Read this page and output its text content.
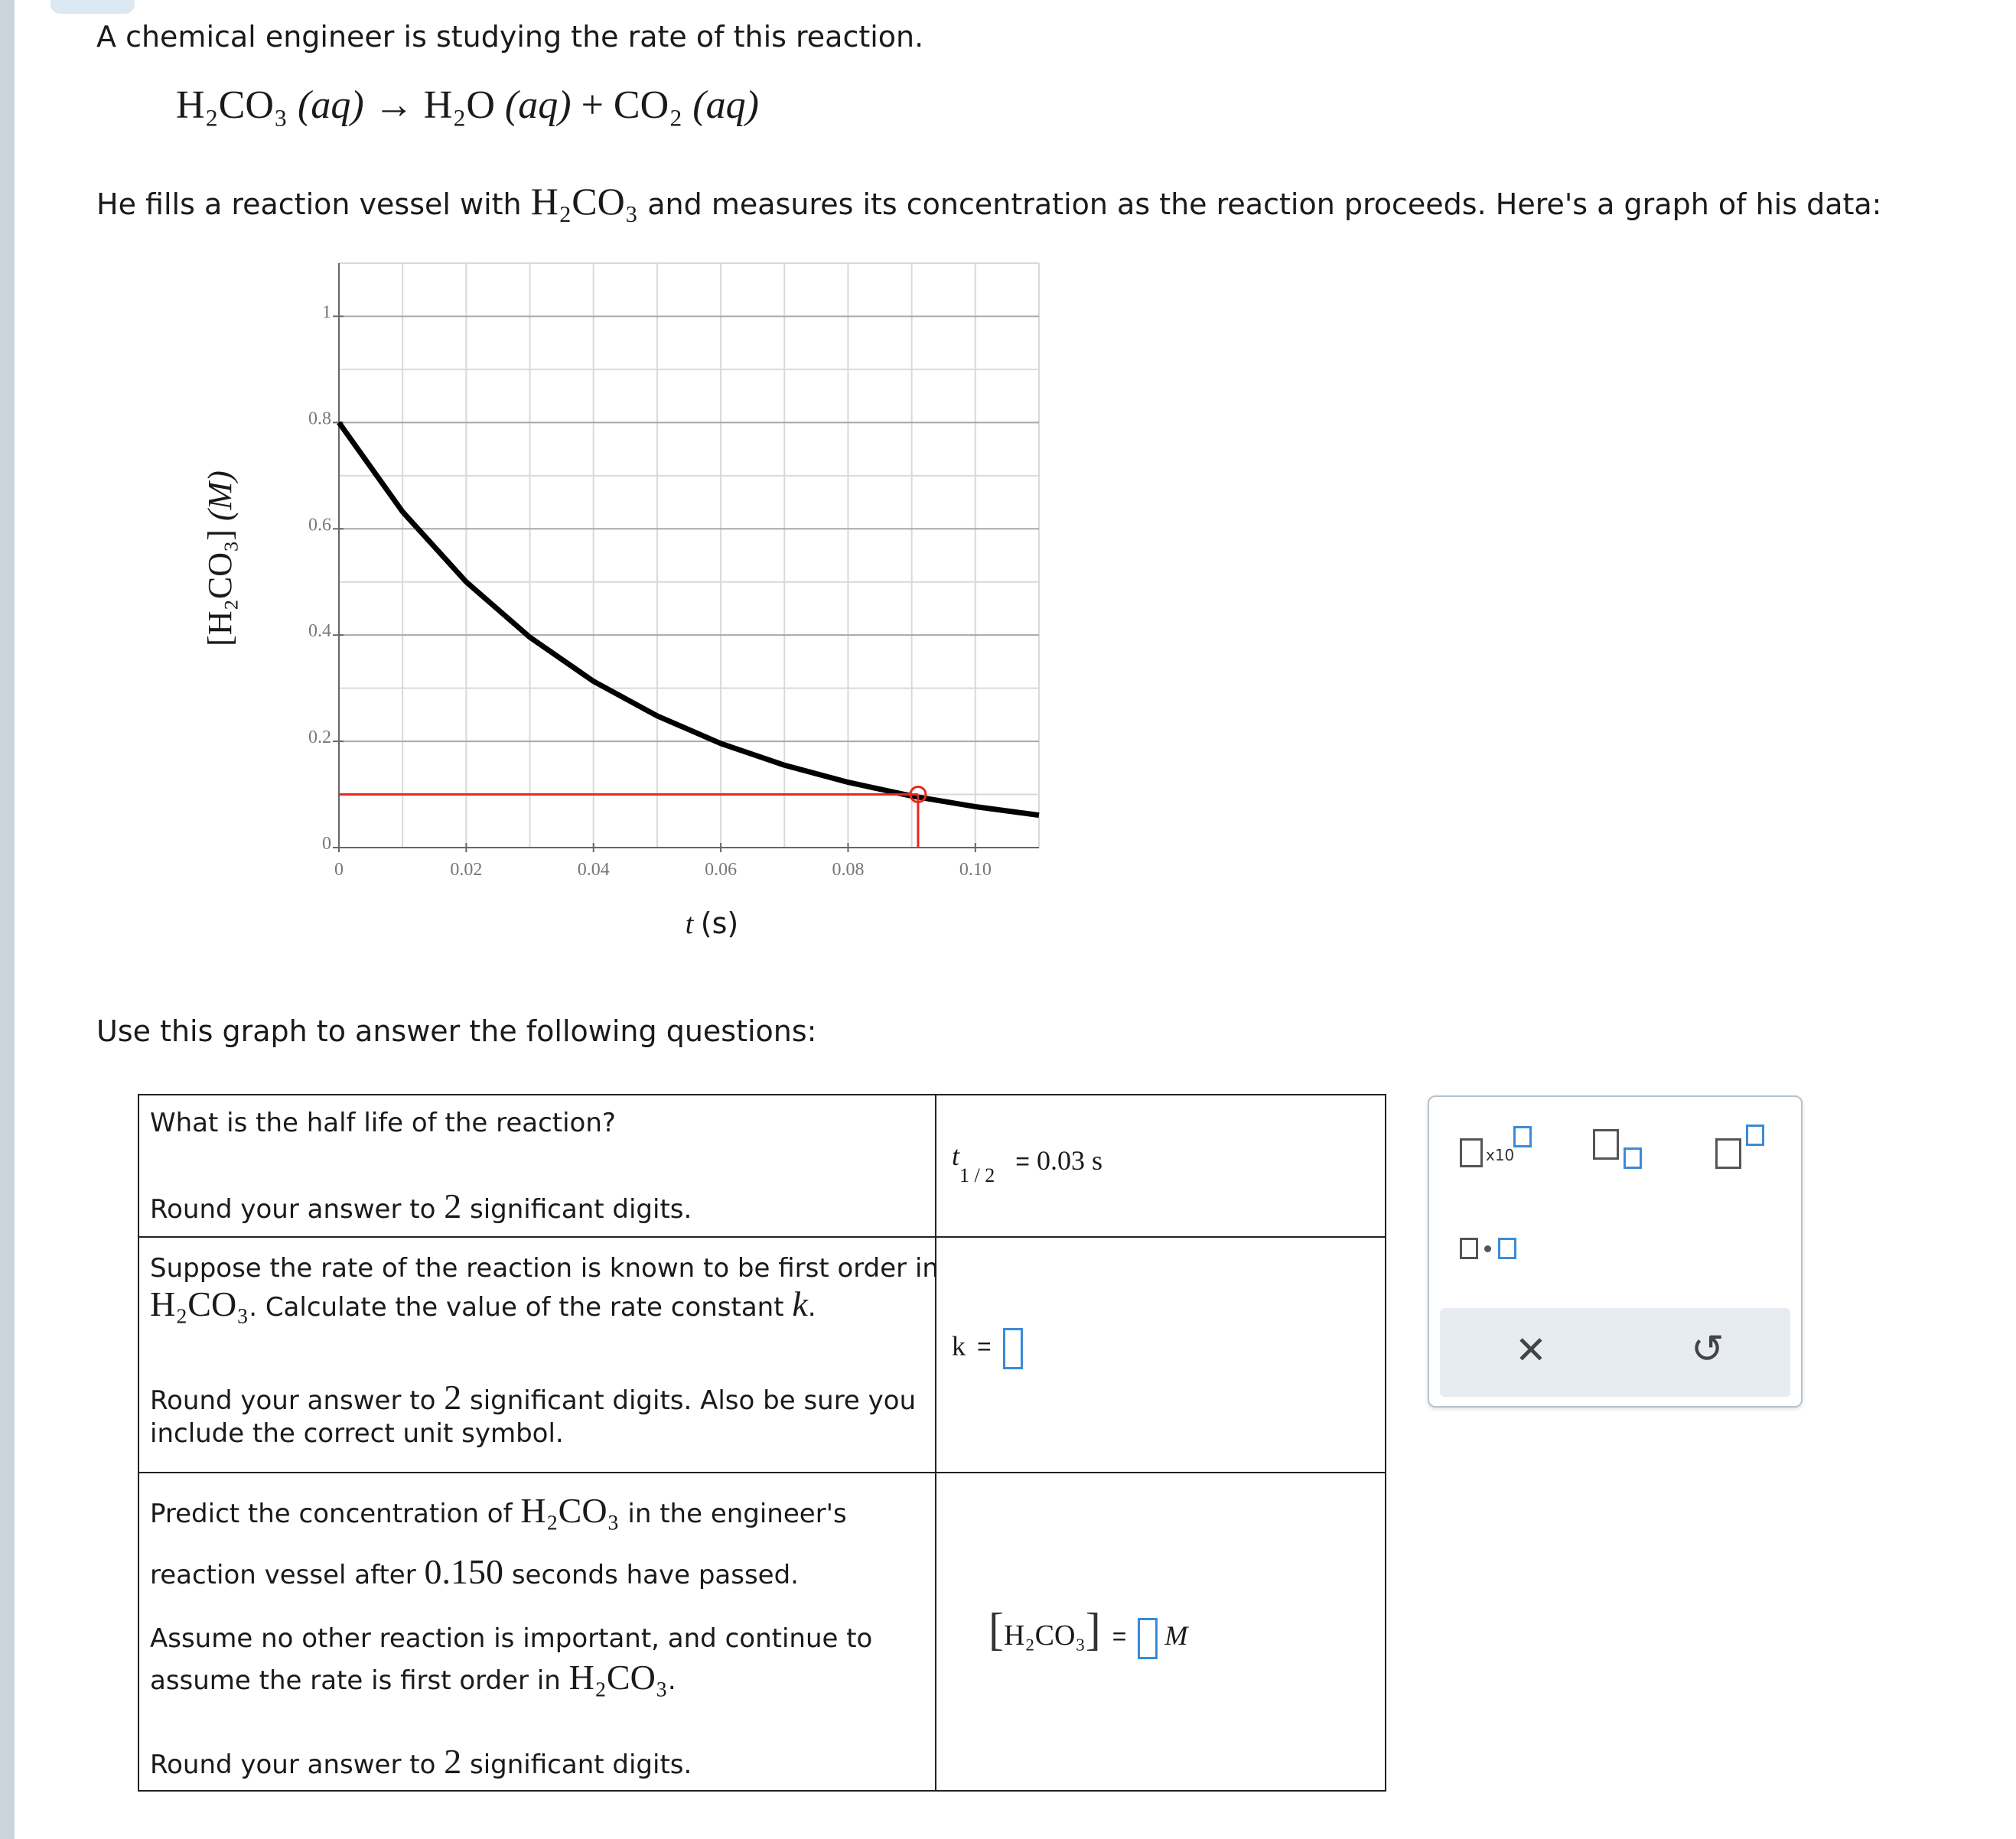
A chemical engineer is studying the rate of this reaction.
H₂CO₃ (aq) → H₂O (aq) + CO₂ (aq)
He fills a reaction vessel with H₂CO₃ and measures its concentration as the reaction proceeds. Here's a graph of his data:
0	0.02	0.04	0.06	0.08	0.10
0
0.2
0.4
0.6
0.8
1
t (s)
[H₂CO₃] (M)
Use this graph to answer the following questions:
What is the half life of the reaction?
Round your answer to 2 significant digits.
$t_{1 / 2} = 0.03$ s
Suppose the rate of the reaction is known to be first order in
H₂CO₃. Calculate the value of the rate constant k.
Round your answer to 2 significant digits. Also be sure you
include the correct unit symbol.
k =
Predict the concentration of H₂CO₃ in the engineer's
reaction vessel after 0.150 seconds have passed.
Assume no other reaction is important, and continue to
assume the rate is first order in H₂CO₃.
Round your answer to 2 significant digits.
[H₂CO₃] = M
x10
✕	↺
